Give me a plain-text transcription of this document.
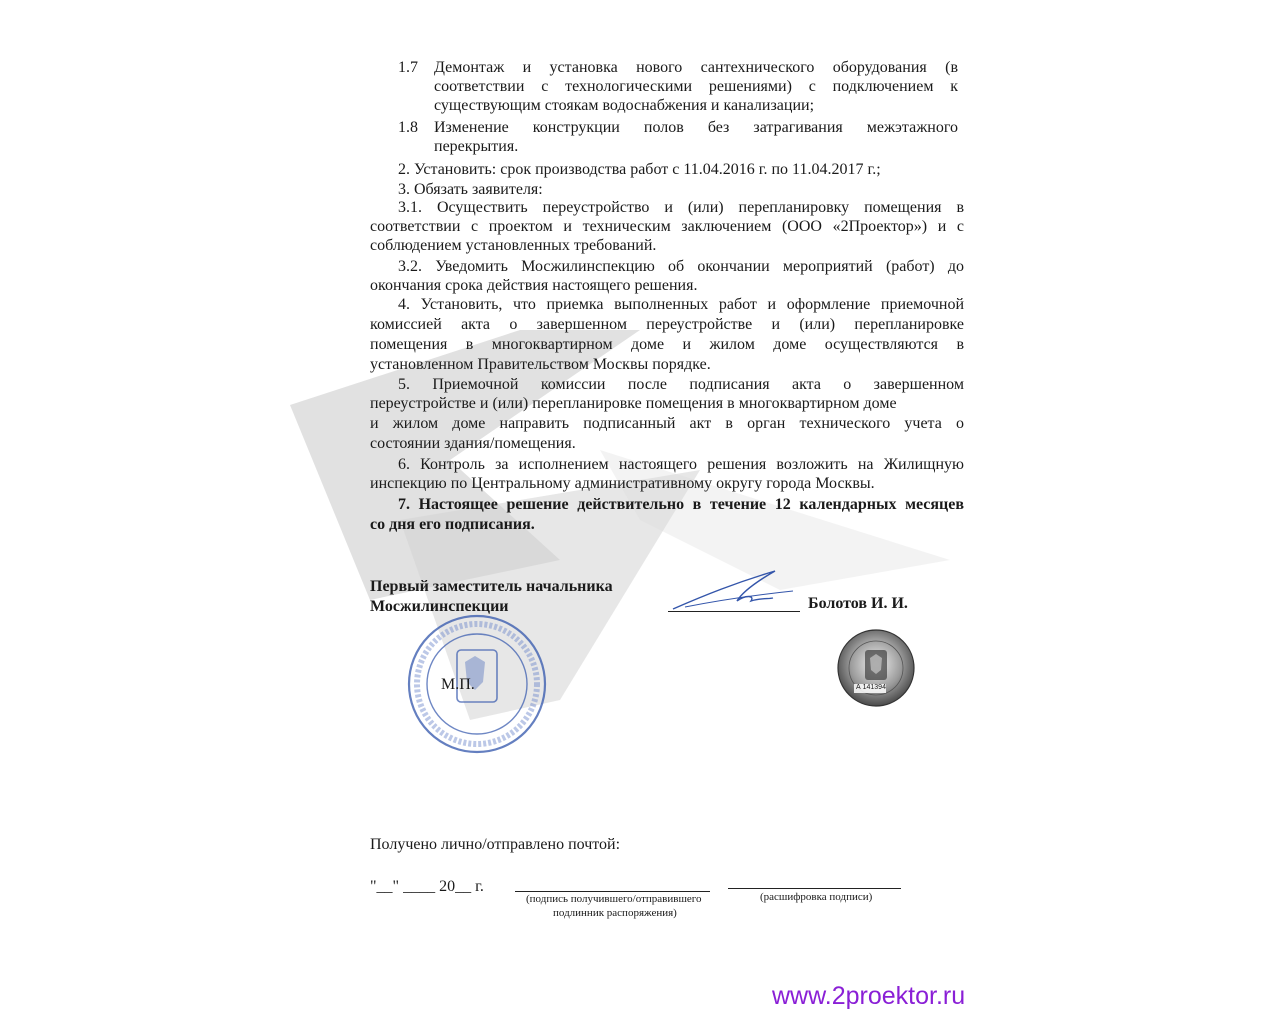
1.7 Демонтаж и установка нового сантехнического оборудования (в
соответствии с технологическими решениями) с подключением к
существующим стоякам водоснабжения и канализации;
1.8 Изменение конструкции полов без затрагивания межэтажного
перекрытия.
2. Установить: срок производства работ с 11.04.2016 г. по 11.04.2017 г.;
3. Обязать заявителя:
3.1. Осуществить переустройство и (или) перепланировку помещения в
соответствии с проектом и техническим заключением (ООО «2Проектор») и с
соблюдением установленных требований.
3.2. Уведомить Мосжилинспекцию об окончании мероприятий (работ) до
окончания срока действия настоящего решения.
4. Установить, что приемка выполненных работ и оформление приемочной
комиссией акта о завершенном переустройстве и (или) перепланировке
помещения в многоквартирном доме и жилом доме осуществляются в
установленном Правительством Москвы порядке.
5. Приемочной комиссии после подписания акта о завершенном
переустройстве и (или) перепланировке помещения в многоквартирном доме
и жилом доме направить подписанный акт в орган технического учета о
состоянии здания/помещения.
6. Контроль за исполнением настоящего решения возложить на Жилищную
инспекцию по Центральному административному округу города Москвы.
7. Настоящее решение действительно в течение 12 календарных месяцев
со дня его подписания.
Первый заместитель начальника
Мосжилинспекции	Болотов И. И.
М.П.	А 141394
Получено лично/отправлено почтой:
"__" ____ 20__ г.
(подпись получившего/отправившего
подлинник распоряжения)
(расшифровка подписи)
www.2proektor.ru
